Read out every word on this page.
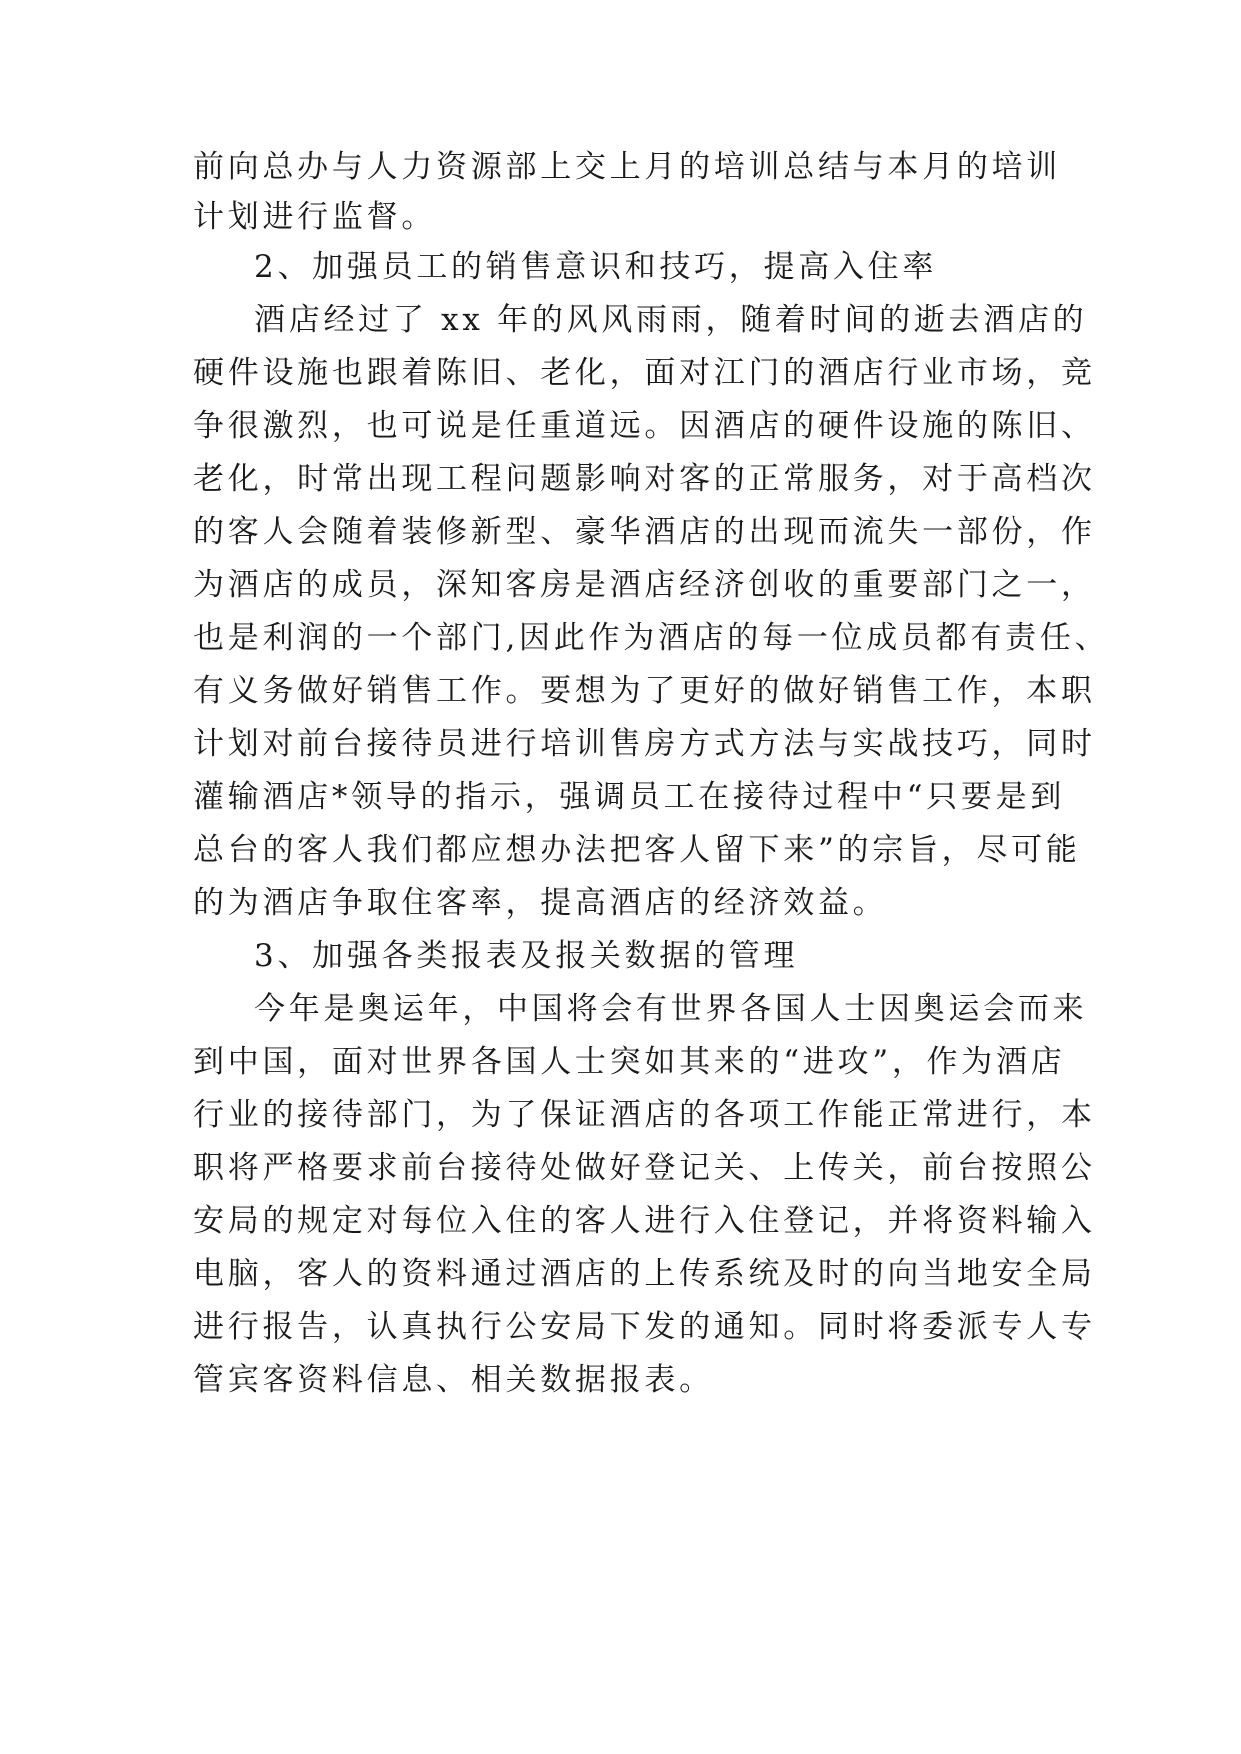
前向总办与人力资源部上交上月的培训总结与本月的培训
计划进行监督。
2、加强员工的销售意识和技巧，提高入住率
酒店经过了 xx 年的风风雨雨，随着时间的逝去酒店的
硬件设施也跟着陈旧、老化，面对江门的酒店行业市场，竞
争很激烈，也可说是任重道远。因酒店的硬件设施的陈旧、
老化，时常出现工程问题影响对客的正常服务，对于高档次
的客人会随着装修新型、豪华酒店的出现而流失一部份，作
为酒店的成员，深知客房是酒店经济创收的重要部门之一，
也是利润的一个部门,因此作为酒店的每一位成员都有责任、
有义务做好销售工作。要想为了更好的做好销售工作，本职
计划对前台接待员进行培训售房方式方法与实战技巧，同时
灌输酒店*领导的指示，强调员工在接待过程中“只要是到
总台的客人我们都应想办法把客人留下来”的宗旨，尽可能
的为酒店争取住客率，提高酒店的经济效益。
3、加强各类报表及报关数据的管理
今年是奥运年，中国将会有世界各国人士因奥运会而来
到中国，面对世界各国人士突如其来的“进攻”，作为酒店
行业的接待部门，为了保证酒店的各项工作能正常进行，本
职将严格要求前台接待处做好登记关、上传关，前台按照公
安局的规定对每位入住的客人进行入住登记，并将资料输入
电脑，客人的资料通过酒店的上传系统及时的向当地安全局
进行报告，认真执行公安局下发的通知。同时将委派专人专
管宾客资料信息、相关数据报表。
